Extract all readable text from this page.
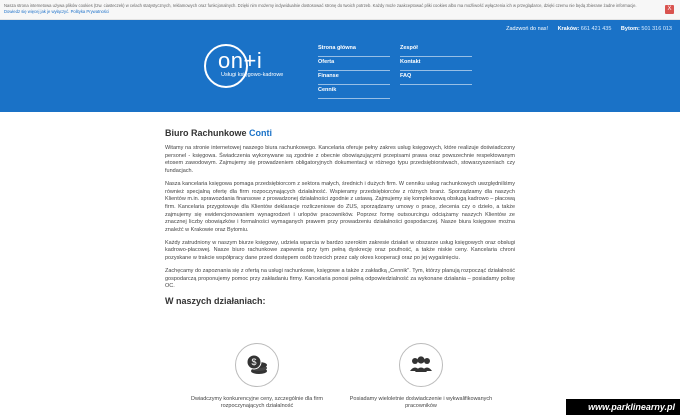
Nasza strona internetowa używa plików cookies (tzw. ciasteczek) w celach statystycznych, reklamowych oraz funkcjonalnych. Dzięki nim możemy indywidualnie dostosować stronę do twoich potrzeb. Każdy może zaakceptować pliki cookies albo ma możliwość wyłączenia ich w przeglądarce, dzięki czemu nie będą zbierane żadne informacje. Dowiedz się więcej jak je wyłączyć. Polityka Prywatności	X
Zadzwoń do nas! Kraków: 661 421 435 Bytom: 501 316 013
on+i
Usługi księgowo-kadrowe
Strona główna	Zespół
Oferta	Kontakt
Finanse	FAQ
Cennik
Biuro Rachunkowe Conti

Witamy na stronie internetowej naszego biura rachunkowego. Kancelaria oferuje pełny zakres usług księgowych, które realizuje doświadczony personel - księgowa. Świadczenia wykonywane są zgodnie z obecnie obowiązującymi przepisami prawa oraz powszechnie respektowanym etosem zawodowym. Zajmujemy się prowadzeniem obligatoryjnych dokumentacji w różnego typu przedsiębiorstwach, stowarzyszeniach czy fundacjach.

Nasza kancelaria księgowa pomaga przedsiębiorcom z sektora małych, średnich i dużych firm. W cenniku usług rachunkowych uwzględniliśmy również specjalną ofertę dla firm rozpoczynających działalność. Wspieramy przedsiębiorców z różnych branż. Sporządzamy dla naszych Klientów m.in. sprawozdania finansowe z prowadzonej działalności zgodnie z ustawą. Zajmujemy się kompleksową obsługą kadrowo – płacową firm. Kancelaria przygotowuje dla Klientów deklaracje rozliczeniowe do ZUS, sporządzamy umowy o pracę, zlecenia czy o dzieło, a także zajmujemy się ewidencjonowaniem wynagrodzeń i urlopów pracowników. Poprzez formę outsourcingu odciążamy naszych Klientów ze znacznej liczby obowiązków i formalności wymaganych prawem przy prowadzeniu działalności gospodarczej. Nasze biura księgowe można znaleźć w Krakowie oraz Bytomiu.

Każdy zatrudniony w naszym biurze księgowy, udziela wparcia w bardzo szerokim zakresie działań w obszarze usług księgowych oraz obsługi kadrowo-płacowej. Nasze biuro rachunkowe zapewnia przy tym pełną dyskrecję oraz poufność, a także niskie ceny. Kancelaria chroni pozyskane w trakcie współpracy dane przed dostępem osób trzecich przez cały okres kooperacji oraz po jej wygaśnięciu.

Zachęcamy do zapoznania się z ofertą na usługi rachunkowe, księgowe a także z zakładką „Cennik". Tym, którzy planują rozpocząć działalność gospodarczą proponujemy pomoc przy zakładaniu firmy. Kancelaria ponosi pełną odpowiedzialność za wykonane działania – posiadamy polisę OC.

W naszych działaniach:
$
Dwiadczymy konkurencyjne ceny, szczególnie dla firm rozpoczynających działalność
Posiadamy wieloletnie doświadczenie i wykwalifikowanych pracowników	www.parklinearny.pl
